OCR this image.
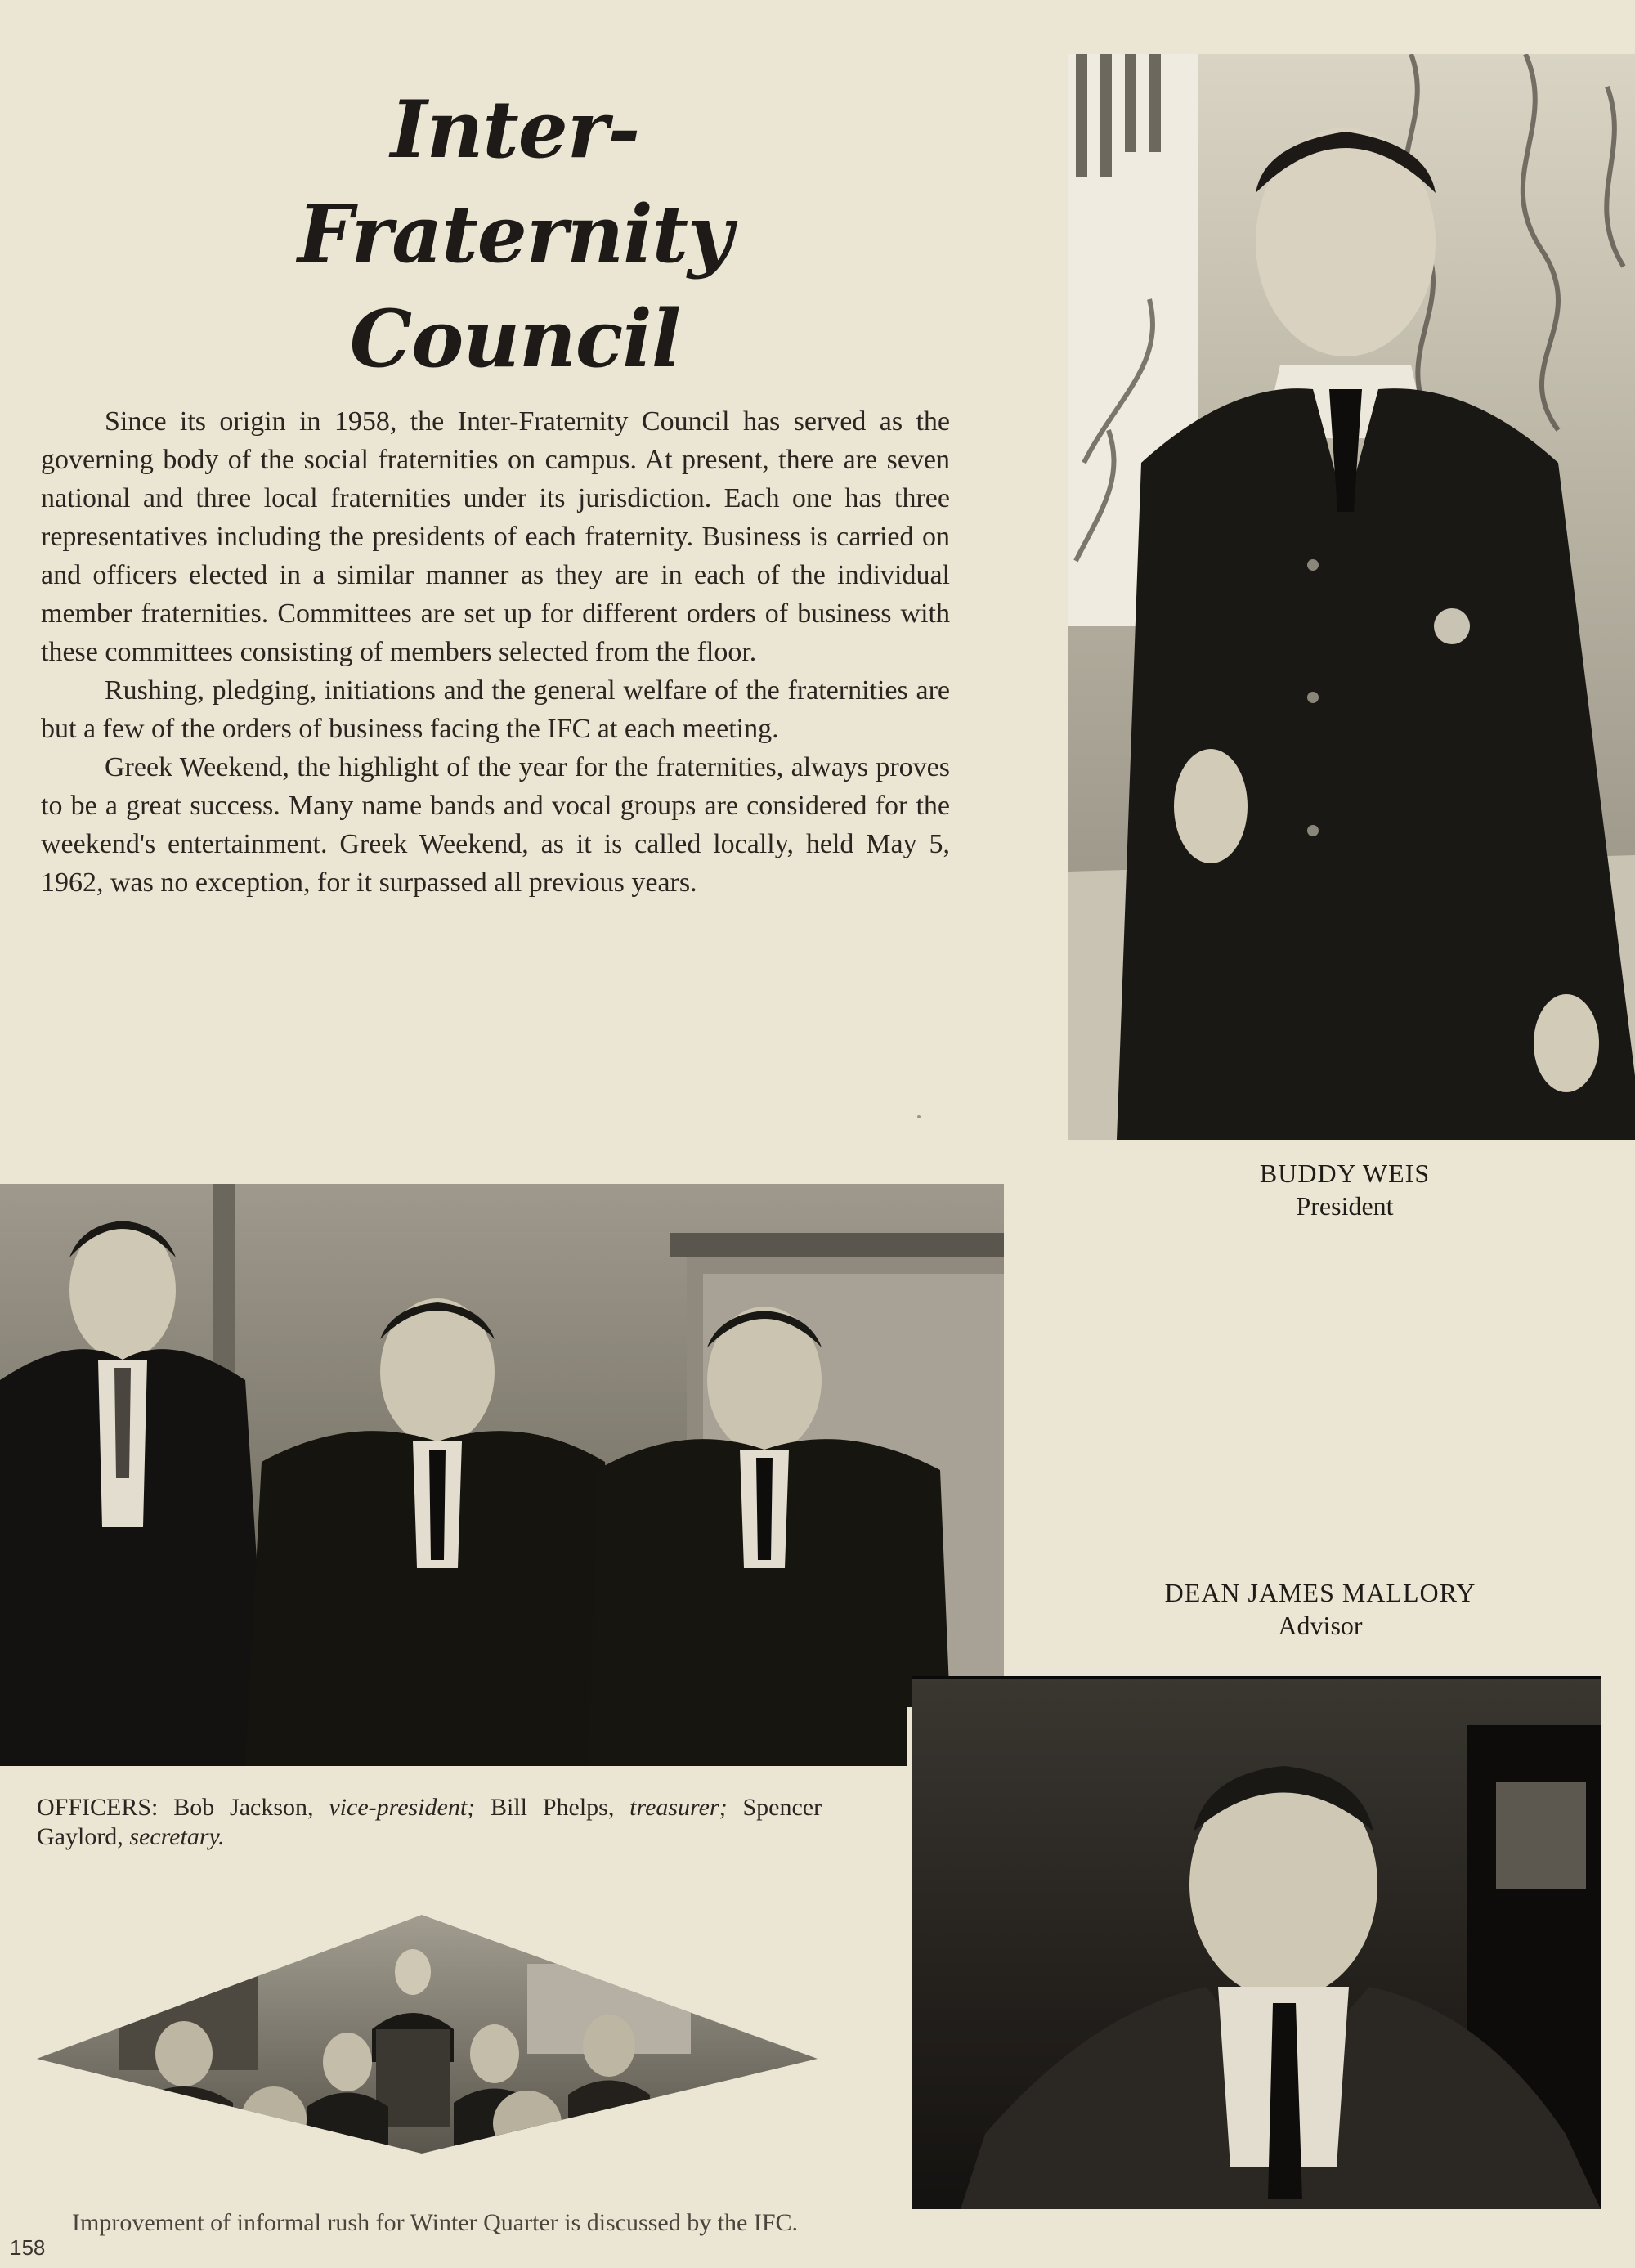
Inter-Fraternity
Council

Since its origin in 1958, the Inter-Fraternity Council has served as the governing body of the social fraternities on campus. At present, there are seven national and three local fraternities under its jurisdiction. Each one has three representatives including the presidents of each fraternity. Business is carried on and officers elected in a similar manner as they are in each of the individual member fraternities. Committees are set up for different orders of business with these committees consisting of members selected from the floor.

Rushing, pledging, initiations and the general welfare of the fraternities are but a few of the orders of business facing the IFC at each meeting.

Greek Weekend, the highlight of the year for the fraternities, always proves to be a great success. Many name bands and vocal groups are considered for the weekend's entertainment. Greek Weekend, as it is called locally, held May 5, 1962, was no exception, for it surpassed all previous years.

BUDDY WEIS
President
DEAN JAMES MALLORY
Advisor
OFFICERS: Bob Jackson, vice-president; Bill Phelps, treasurer; Spencer Gaylord, secretary.
Improvement of informal rush for Winter Quarter is discussed by the IFC.
158
